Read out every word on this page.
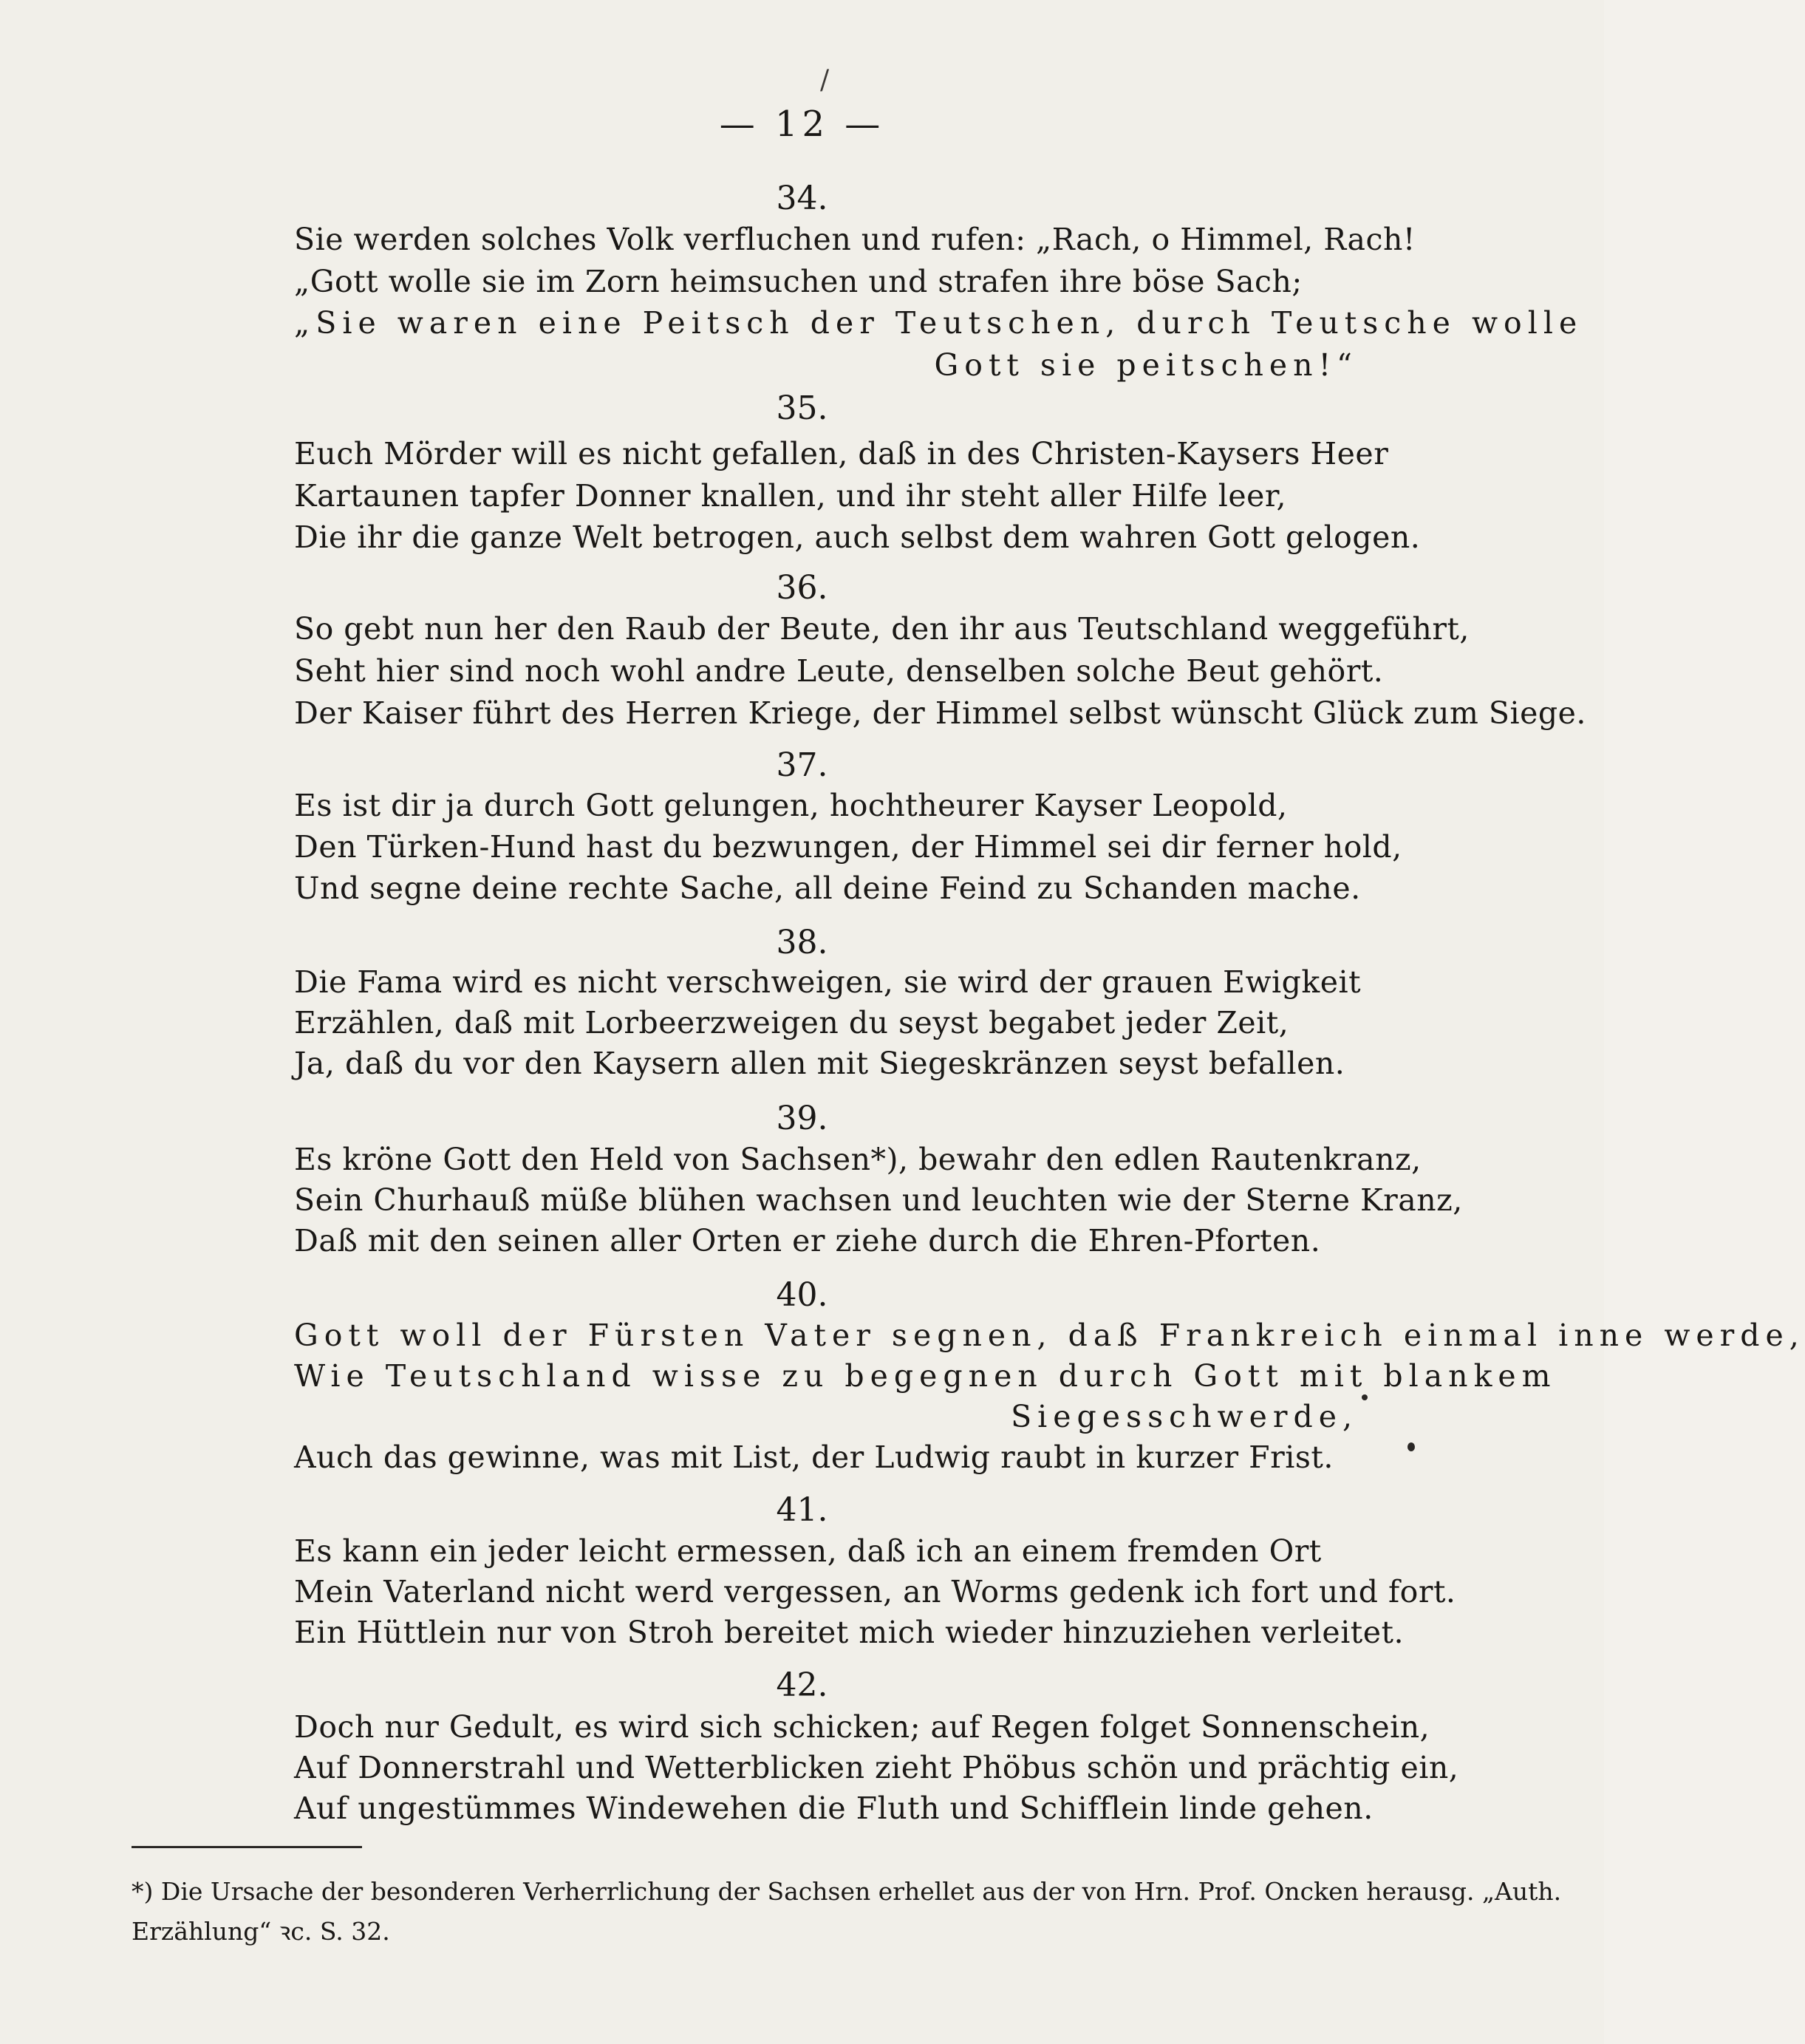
/
— 12 —
34.
Sie werden solches Volk verfluchen und rufen: „Rach, o Himmel, Rach!
„Gott wolle sie im Zorn heimsuchen und strafen ihre böse Sach;
„Sie waren eine Peitsch der Teutschen, durch Teutsche wolle
Gott sie peitschen!“
35.
Euch Mörder will es nicht gefallen, daß in des Christen-Kaysers Heer
Kartaunen tapfer Donner knallen, und ihr steht aller Hilfe leer,
Die ihr die ganze Welt betrogen, auch selbst dem wahren Gott gelogen.
36.
So gebt nun her den Raub der Beute, den ihr aus Teutschland weggeführt,
Seht hier sind noch wohl andre Leute, denselben solche Beut gehört.
Der Kaiser führt des Herren Kriege, der Himmel selbst wünscht Glück zum Siege.
37.
Es ist dir ja durch Gott gelungen, hochtheurer Kayser Leopold,
Den Türken-Hund hast du bezwungen, der Himmel sei dir ferner hold,
Und segne deine rechte Sache, all deine Feind zu Schanden mache.
38.
Die Fama wird es nicht verschweigen, sie wird der grauen Ewigkeit
Erzählen, daß mit Lorbeerzweigen du seyst begabet jeder Zeit,
Ja, daß du vor den Kaysern allen mit Siegeskränzen seyst befallen.
39.
Es kröne Gott den Held von Sachsen*), bewahr den edlen Rautenkranz,
Sein Churhauß müße blühen wachsen und leuchten wie der Sterne Kranz,
Daß mit den seinen aller Orten er ziehe durch die Ehren-Pforten.
40.
Gott woll der Fürsten Vater segnen, daß Frankreich einmal inne werde,
Wie Teutschland wisse zu begegnen durch Gott mit blankem
Siegesschwerde,
Auch das gewinne, was mit List, der Ludwig raubt in kurzer Frist.
41.
Es kann ein jeder leicht ermessen, daß ich an einem fremden Ort
Mein Vaterland nicht werd vergessen, an Worms gedenk ich fort und fort.
Ein Hüttlein nur von Stroh bereitet mich wieder hinzuziehen verleitet.
42.
Doch nur Gedult, es wird sich schicken; auf Regen folget Sonnenschein,
Auf Donnerstrahl und Wetterblicken zieht Phöbus schön und prächtig ein,
Auf ungestümmes Windewehen die Fluth und Schifflein linde gehen.
*) Die Ursache der besonderen Verherrlichung der Sachsen erhellet aus der von Hrn. Prof. Oncken herausg. „Auth.
Erzählung“ ꝛc. S. 32.
